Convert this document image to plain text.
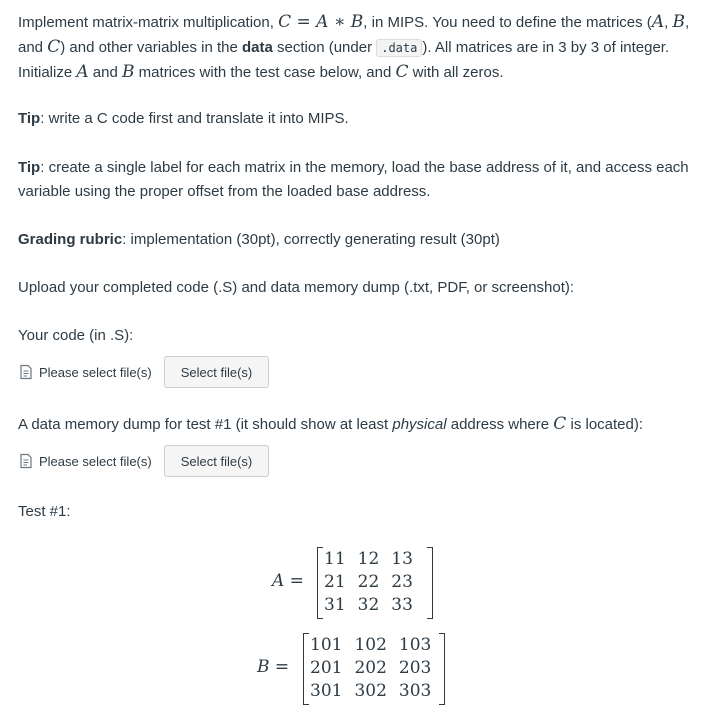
Implement matrix-matrix multiplication, C = A ∗ B, in MIPS. You need to define the matrices (A, B, and C) and other variables in the data section (under .data ). All matrices are in 3 by 3 of integer. Initialize A and B matrices with the test case below, and C with all zeros.
Tip: write a C code first and translate it into MIPS.
Tip: create a single label for each matrix in the memory, load the base address of it, and access each variable using the proper offset from the loaded base address.
Grading rubric: implementation (30pt), correctly generating result (30pt)
Upload your completed code (.S) and data memory dump (.txt, PDF, or screenshot):
Your code (in .S):
Please select file(s)	Select file(s)
A data memory dump for test #1 (it should show at least physical address where C is located):
Please select file(s)	Select file(s)
Test #1:
A =
11	12	13
21	22	23
31	32	33
B =
101	102	103
201	202	203
301	302	303
